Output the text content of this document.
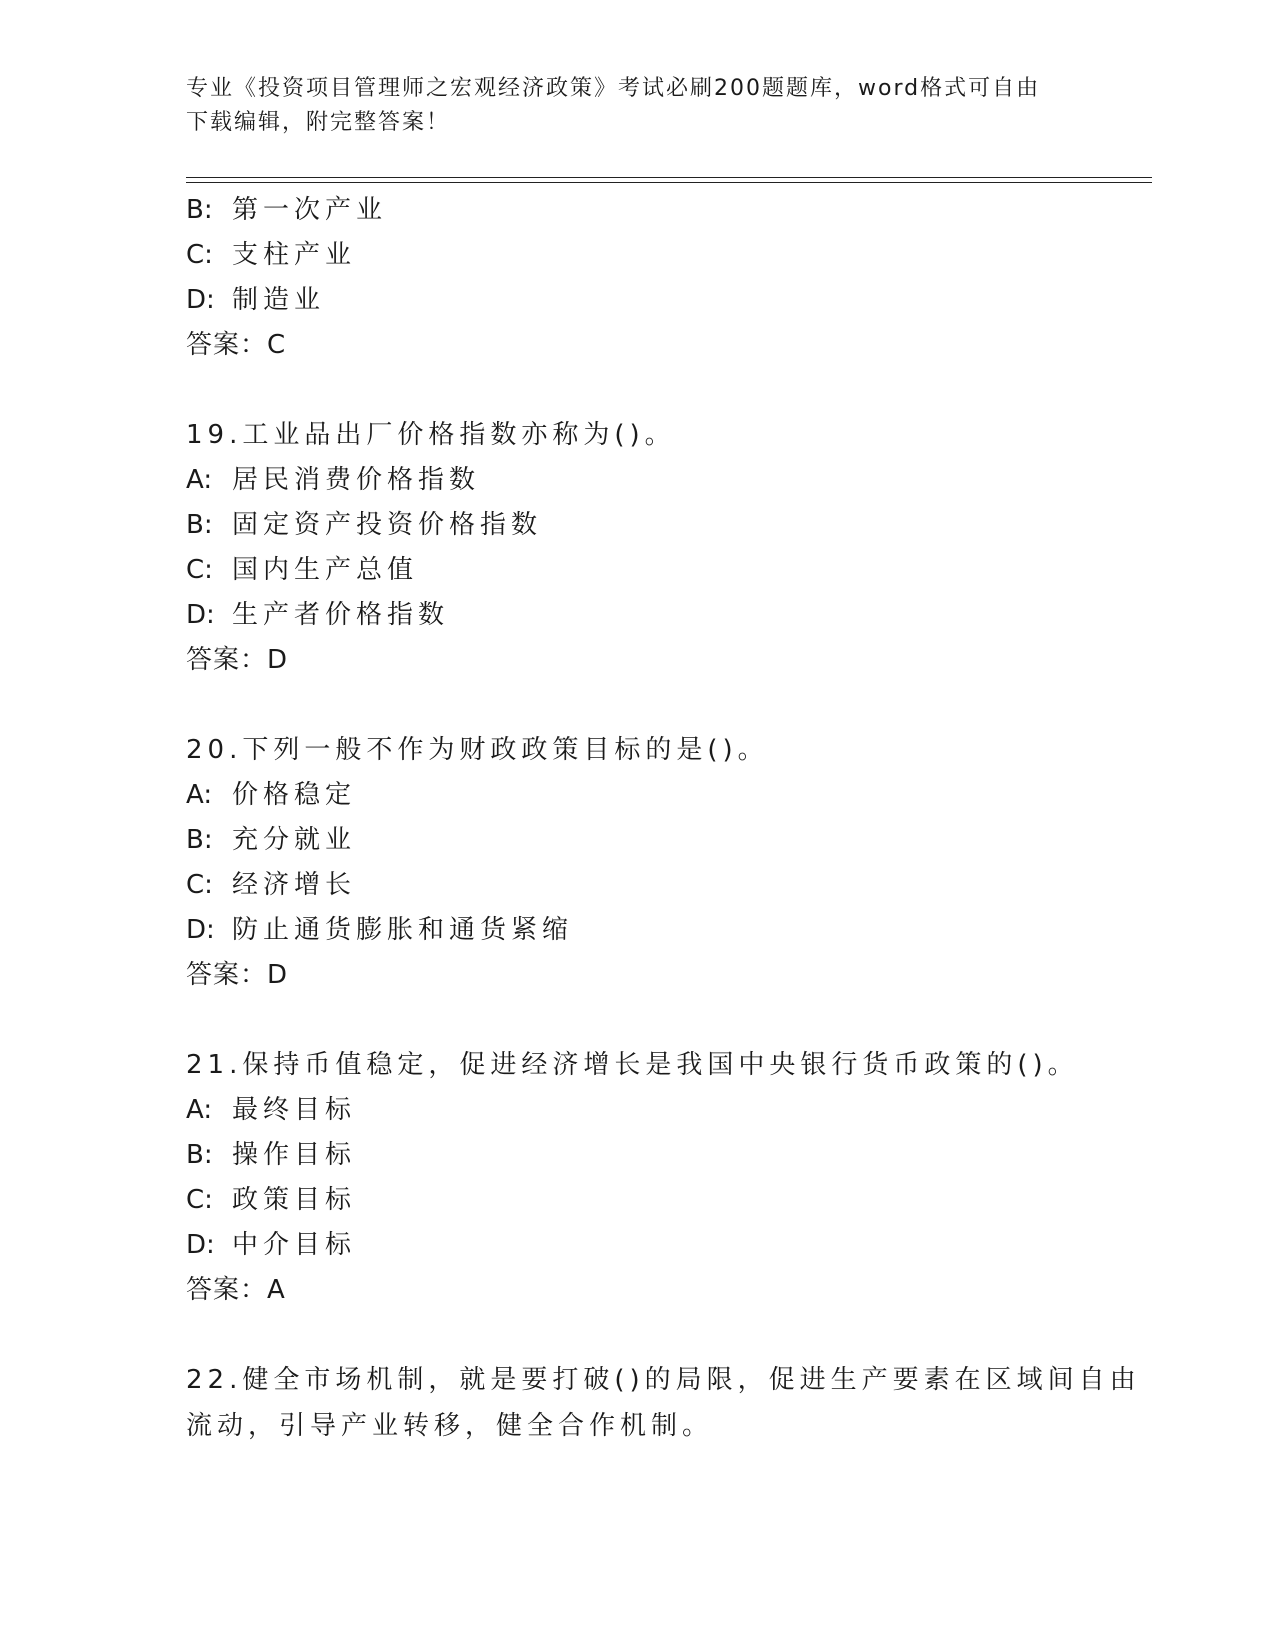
专业《投资项目管理师之宏观经济政策》考试必刷200题题库，word格式可自由
下载编辑，附完整答案！
B: 第一次产业
C: 支柱产业
D: 制造业
答案：C
19.工业品出厂价格指数亦称为()。
A: 居民消费价格指数
B: 固定资产投资价格指数
C: 国内生产总值
D: 生产者价格指数
答案：D
20.下列一般不作为财政政策目标的是()。
A: 价格稳定
B: 充分就业
C: 经济增长
D: 防止通货膨胀和通货紧缩
答案：D
21.保持币值稳定，促进经济增长是我国中央银行货币政策的()。
A: 最终目标
B: 操作目标
C: 政策目标
D: 中介目标
答案：A
22.健全市场机制，就是要打破()的局限，促进生产要素在区域间自由
流动，引导产业转移，健全合作机制。
